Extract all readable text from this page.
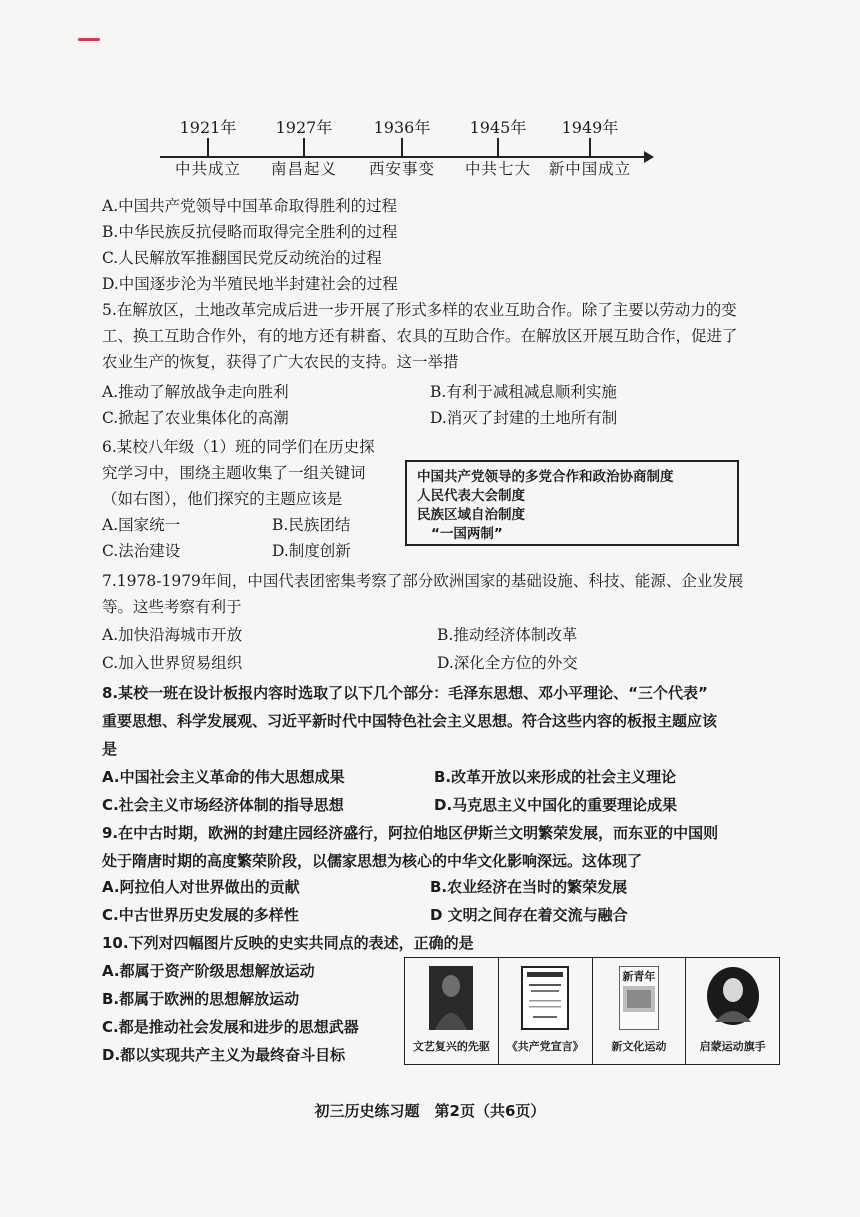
1921年
中共成立
1927年
南昌起义
1936年
西安事变
1945年
中共七大
1949年
新中国成立
A.中国共产党领导中国革命取得胜利的过程
B.中华民族反抗侵略而取得完全胜利的过程
C.人民解放军推翻国民党反动统治的过程
D.中国逐步沦为半殖民地半封建社会的过程
5.在解放区，土地改革完成后进一步开展了形式多样的农业互助合作。除了主要以劳动力的变
工、换工互助合作外，有的地方还有耕畜、农具的互助合作。在解放区开展互助合作，促进了
农业生产的恢复，获得了广大农民的支持。这一举措
A.推动了解放战争走向胜利	B.有利于减租减息顺利实施
C.掀起了农业集体化的高潮	D.消灭了封建的土地所有制
6.某校八年级（1）班的同学们在历史探
究学习中，围绕主题收集了一组关键词
（如右图），他们探究的主题应该是
A.国家统一	B.民族团结
C.法治建设	D.制度创新
中国共产党领导的多党合作和政治协商制度
人民代表大会制度
民族区域自治制度
“一国两制”
7.1978-1979年间，中国代表团密集考察了部分欧洲国家的基础设施、科技、能源、企业发展
等。这些考察有利于
A.加快沿海城市开放	B.推动经济体制改革
C.加入世界贸易组织	D.深化全方位的外交
8.某校一班在设计板报内容时选取了以下几个部分：毛泽东思想、邓小平理论、“三个代表”
重要思想、科学发展观、习近平新时代中国特色社会主义思想。符合这些内容的板报主题应该
是
A.中国社会主义革命的伟大思想成果	B.改革开放以来形成的社会主义理论
C.社会主义市场经济体制的指导思想	D.马克思主义中国化的重要理论成果
9.在中古时期，欧洲的封建庄园经济盛行，阿拉伯地区伊斯兰文明繁荣发展，而东亚的中国则
处于隋唐时期的高度繁荣阶段，以儒家思想为核心的中华文化影响深远。这体现了
A.阿拉伯人对世界做出的贡献	B.农业经济在当时的繁荣发展
C.中古世界历史发展的多样性	D 文明之间存在着交流与融合
10.下列对四幅图片反映的史实共同点的表述，正确的是
A.都属于资产阶级思想解放运动
B.都属于欧洲的思想解放运动
C.都是推动社会发展和进步的思想武器
D.都以实现共产主义为最终奋斗目标	文艺复兴的先驱	《共产党宣言》
新青年
新文化运动	启蒙运动旗手
初三历史练习题　第2页（共6页）
